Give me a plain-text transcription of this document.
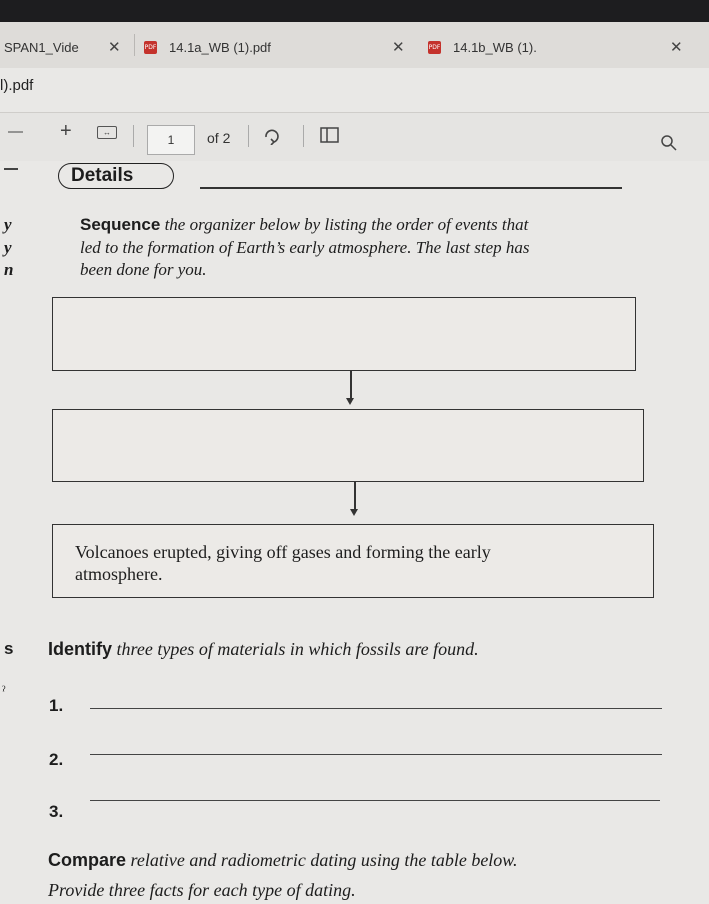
SPAN1_Vide ✕	PDF 14.1a_WB (1).pdf	✕	PDF 14.1b_WB (1).	✕
l).pdf
— +	↔
1	of 2
Details
y
y
n
Sequence the organizer below by listing the order of events that
led to the formation of Earth’s early atmosphere. The last step has
been done for you.
Volcanoes erupted, giving off gases and forming the early
atmosphere.
s Identify three types of materials in which fossils are found.
ˀ
1.
2.
3.
Compare relative and radiometric dating using the table below.
Provide three facts for each type of dating.
